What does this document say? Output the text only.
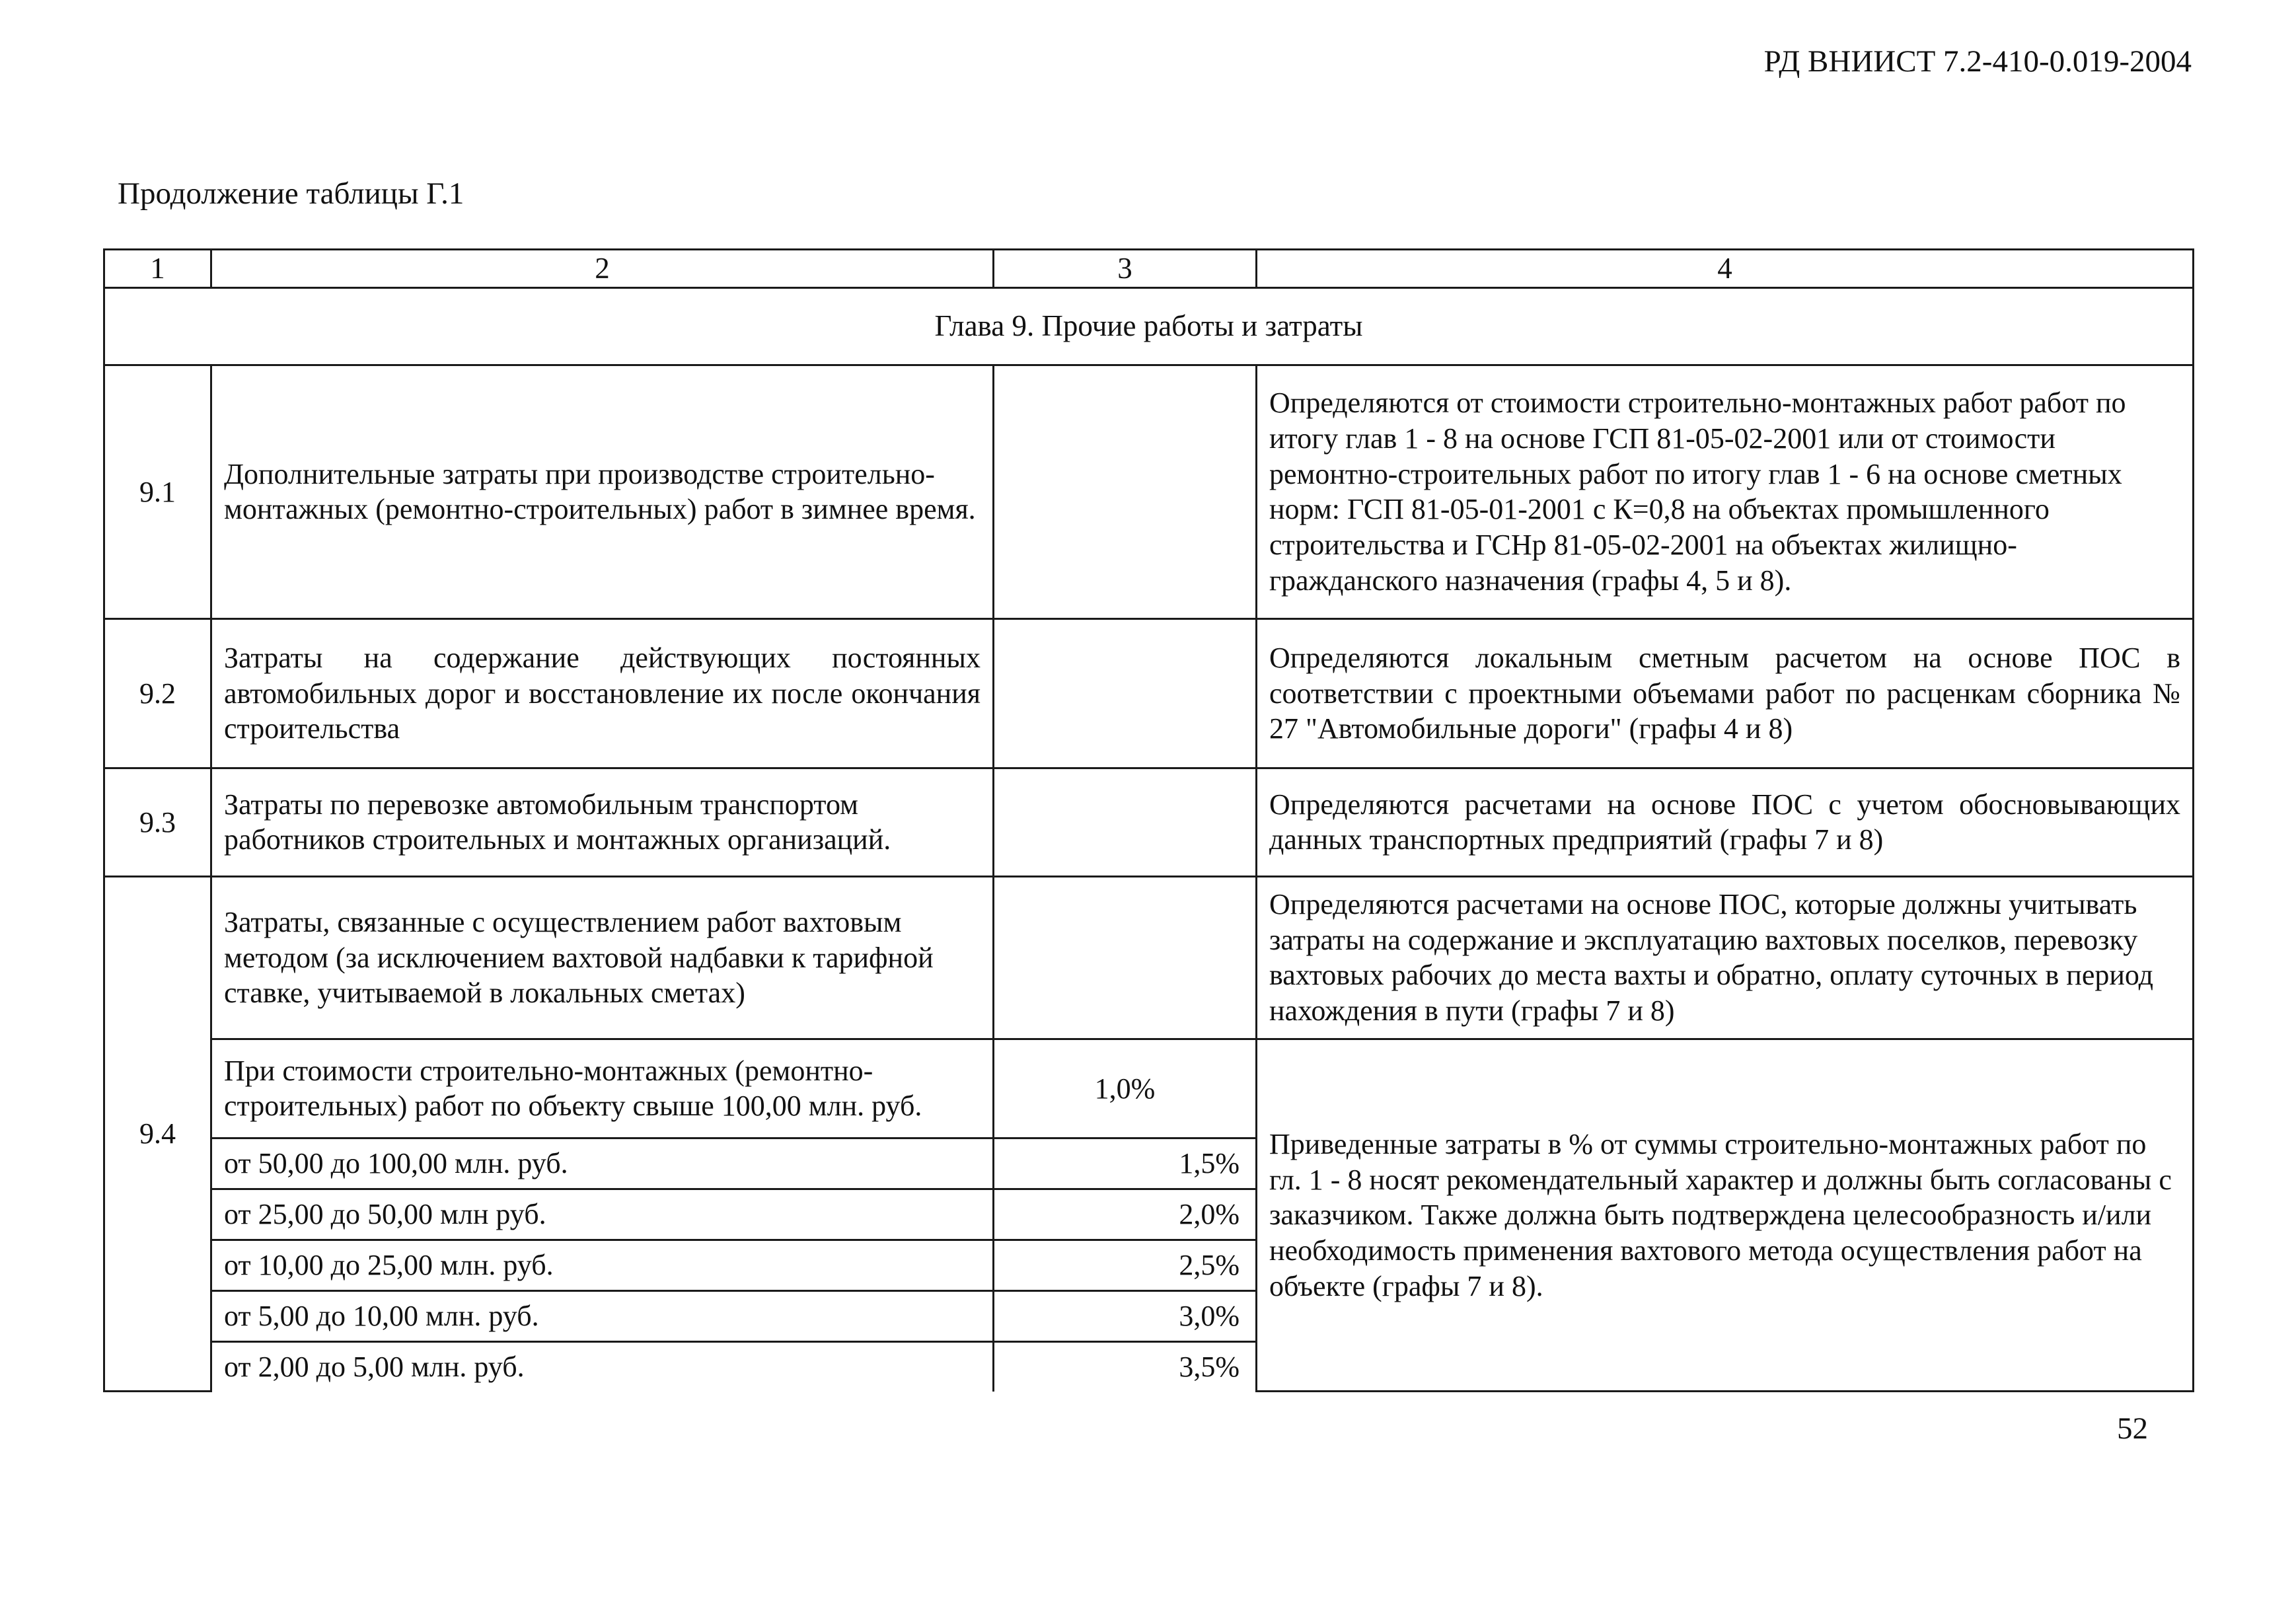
РД ВНИИСТ 7.2-410-0.019-2004
Продолжение таблицы Г.1
1	2	3	4
Глава 9. Прочие работы и затраты			
9.1	Дополнительные затраты при производстве строительно-монтажных (ремонтно-строительных) работ в зимнее время.		Определяются от стоимости строительно-монтажных работ работ по итогу глав 1 - 8 на основе ГСП 81-05-02-2001 или от стоимости ремонтно-строительных работ по итогу глав 1 - 6 на основе сметных норм: ГСП 81-05-01-2001 с К=0,8 на объектах промышленного строительства и ГСНр 81-05-02-2001 на объектах жилищно-гражданского назначения (графы 4, 5 и 8).
9.2	Затраты на содержание действующих постоянных автомобильных дорог и восстановление их после окончания строительства		Определяются локальным сметным расчетом на основе ПОС в соответствии с проектными объемами работ по расценкам сборника № 27 "Автомобильные дороги" (графы 4 и 8)
9.3	Затраты по перевозке автомобильным транспортом работников строительных и монтажных организаций.		Определяются расчетами на основе ПОС с учетом обосновывающих данных транспортных предприятий (графы 7 и 8)
9.4	Затраты, связанные с осуществлением работ вахтовым методом (за исключением вахтовой надбавки к тарифной ставке, учитываемой в локальных сметах)		Определяются расчетами на основе ПОС, которые должны учитывать затраты на содержание и эксплуатацию вахтовых поселков, перевозку вахтовых рабочих до места вахты и обратно, оплату суточных в период нахождения в пути (графы 7 и 8)
	При стоимости строительно-монтажных (ремонтно-строительных) работ по объекту свыше 100,00 млн. руб.	1,0%	Приведенные затраты в % от суммы строительно-монтажных работ по гл. 1 - 8 носят рекомендательный характер и должны быть согласованы с заказчиком. Также должна быть подтверждена целесообразность и/или необходимость применения вахтового метода осуществления работ на объекте (графы 7 и 8).
	от 50,00 до 100,00 млн. руб.	1,5%	
	от 25,00 до 50,00 млн руб.	2,0%	
	от 10,00 до 25,00 млн. руб.	2,5%	
	от 5,00 до 10,00 млн. руб.	3,0%	
	от 2,00 до 5,00 млн. руб.	3,5%	
52
